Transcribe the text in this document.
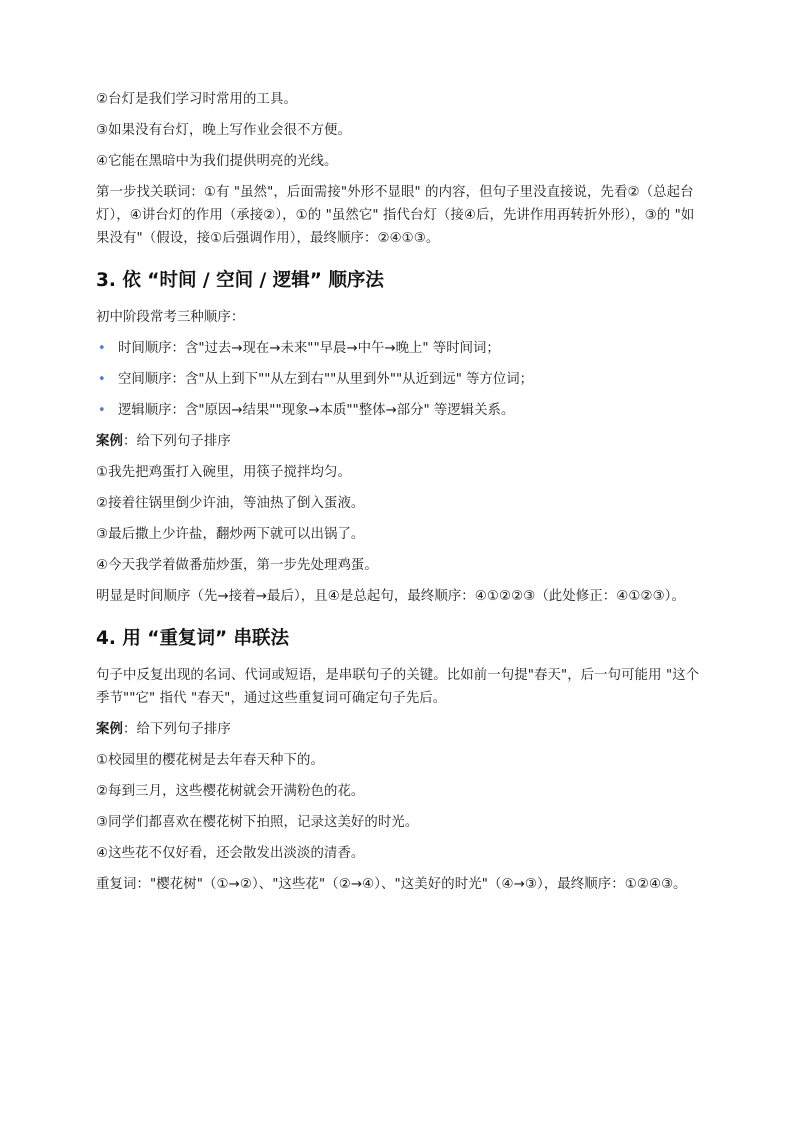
②台灯是我们学习时常用的工具。

③如果没有台灯，晚上写作业会很不方便。

④它能在黑暗中为我们提供明亮的光线。

第一步找关联词：①有 "虽然"，后面需接"外形不显眼" 的内容，但句子里没直接说，先看②（总起台灯），④讲台灯的作用（承接②），①的 "虽然它" 指代台灯（接④后，先讲作用再转折外形），③的 "如果没有"（假设，接①后强调作用），最终顺序：②④①③。

3. 依 “时间 / 空间 / 逻辑” 顺序法

初中阶段常考三种顺序：

• 时间顺序：含"过去→现在→未来""早晨→中午→晚上" 等时间词；
• 空间顺序：含"从上到下""从左到右""从里到外""从近到远" 等方位词；
• 逻辑顺序：含"原因→结果""现象→本质""整体→部分" 等逻辑关系。

案例：给下列句子排序

①我先把鸡蛋打入碗里，用筷子搅拌均匀。

②接着往锅里倒少许油，等油热了倒入蛋液。

③最后撒上少许盐，翻炒两下就可以出锅了。

④今天我学着做番茄炒蛋，第一步先处理鸡蛋。

明显是时间顺序（先→接着→最后），且④是总起句，最终顺序：④①②②③（此处修正：④①②③）。

4. 用 “重复词” 串联法

句子中反复出现的名词、代词或短语，是串联句子的关键。比如前一句提"春天"，后一句可能用 "这个季节""它" 指代 "春天"，通过这些重复词可确定句子先后。

案例：给下列句子排序

①校园里的樱花树是去年春天种下的。

②每到三月，这些樱花树就会开满粉色的花。

③同学们都喜欢在樱花树下拍照，记录这美好的时光。

④这些花不仅好看，还会散发出淡淡的清香。

重复词："樱花树"（①→②）、"这些花"（②→④）、"这美好的时光"（④→③），最终顺序：①②④③。
